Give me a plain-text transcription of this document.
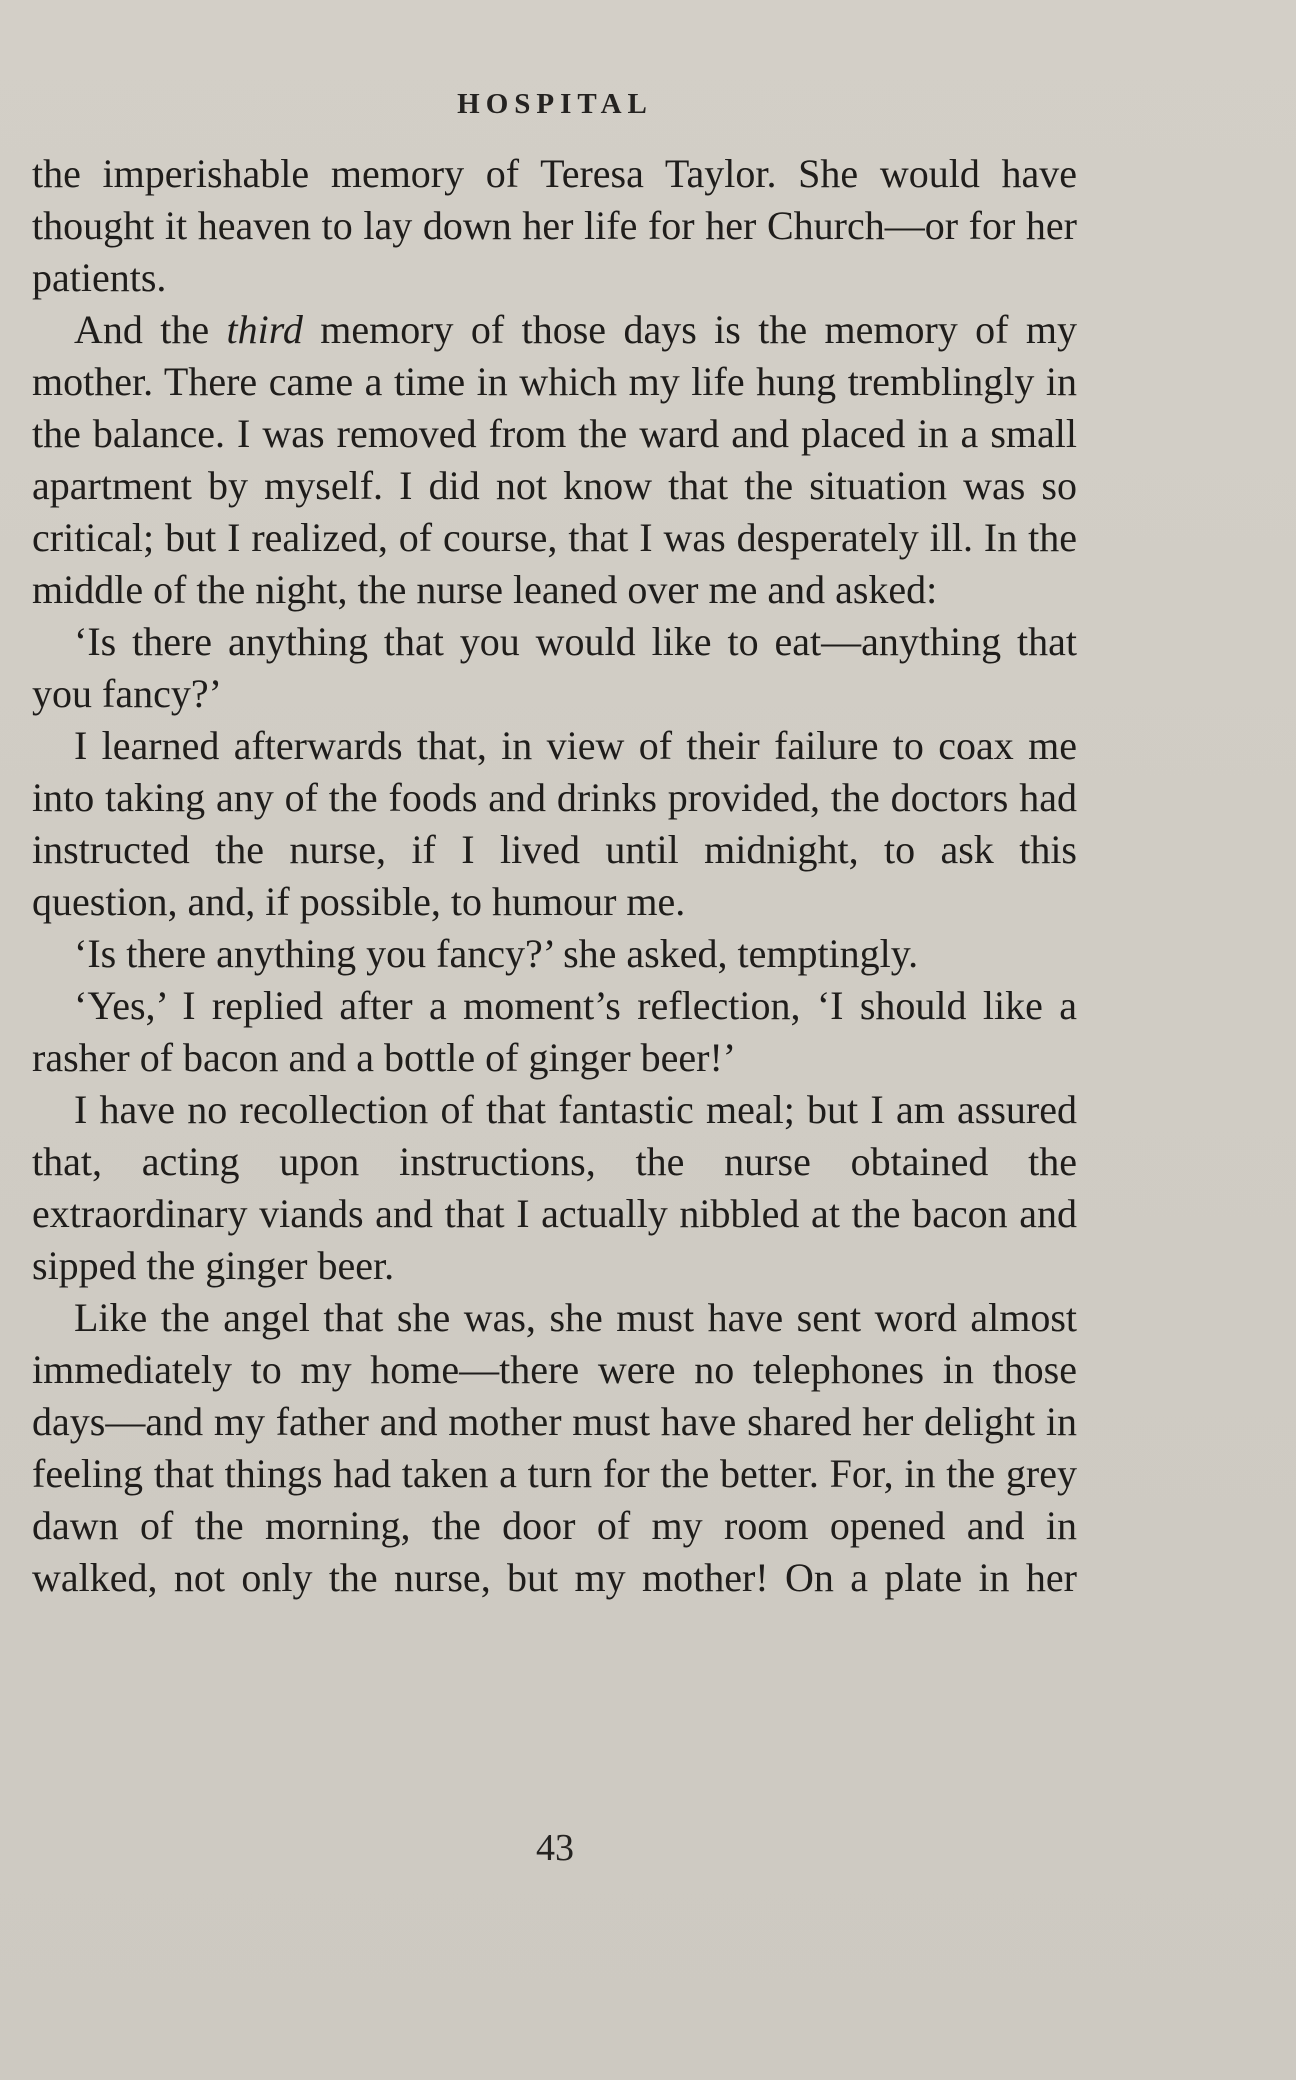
HOSPITAL

the imperishable memory of Teresa Taylor. She would have thought it heaven to lay down her life for her Church—or for her patients.

And the third memory of those days is the memory of my mother. There came a time in which my life hung tremblingly in the balance. I was removed from the ward and placed in a small apartment by myself. I did not know that the situation was so critical; but I realized, of course, that I was desperately ill. In the middle of the night, the nurse leaned over me and asked:

‘Is there anything that you would like to eat—anything that you fancy?’

I learned afterwards that, in view of their failure to coax me into taking any of the foods and drinks provided, the doctors had instructed the nurse, if I lived until midnight, to ask this question, and, if possible, to humour me.

‘Is there anything you fancy?’ she asked, temptingly.

‘Yes,’ I replied after a moment’s reflection, ‘I should like a rasher of bacon and a bottle of ginger beer!’

I have no recollection of that fantastic meal; but I am assured that, acting upon instructions, the nurse obtained the extraordinary viands and that I actually nibbled at the bacon and sipped the ginger beer.

Like the angel that she was, she must have sent word almost immediately to my home—there were no telephones in those days—and my father and mother must have shared her delight in feeling that things had taken a turn for the better. For, in the grey dawn of the morning, the door of my room opened and in walked, not only the nurse, but my mother! On a plate in her

43
